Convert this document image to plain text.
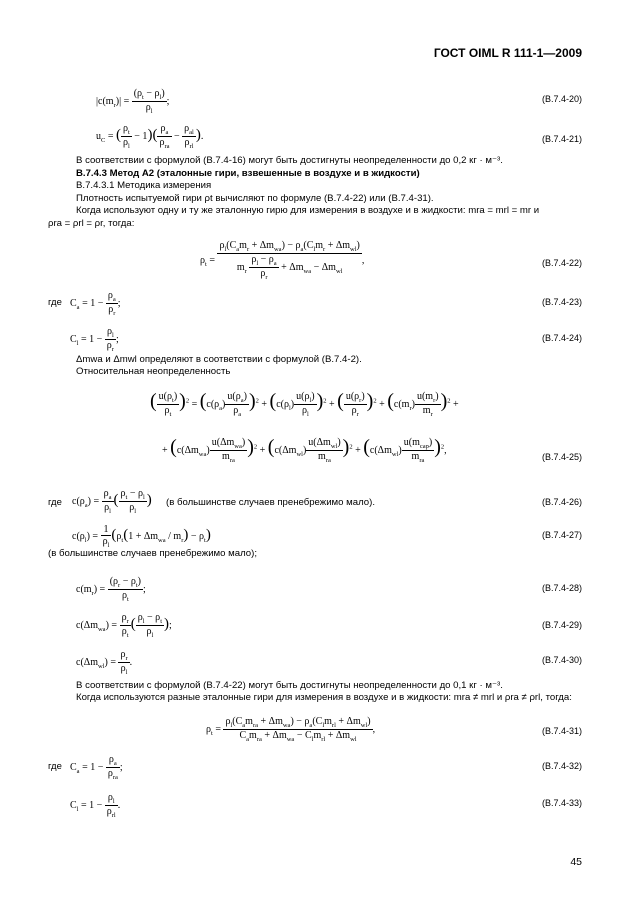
ГОСТ OIML R 111-1—2009
$|c(m_r)| = \frac{(\rho_t - \rho_l)}{\rho_l}$ ;	(B.7.4-20)
$u_C$ = ( $\frac{\rho_t}{\rho_l} - 1)( \frac{\rho_a}{\rho_{ra}} - \frac{\rho_{al}}{\rho_{rl}}$ ).	(B.7.4-21)
В соответствии с формулой (B.7.4-16) могут быть достигнуты неопределенности до 0,2 кг · м⁻³.
B.7.4.3 Метод А2 (эталонные гири, взвешенные в воздухе и в жидкости)
B.7.4.3.1 Методика измерения
Плотность испытуемой гири ρt вычисляют по формуле (B.7.4-22) или (B.7.4-31).
Когда используют одну и ту же эталонную гирю для измерения в воздухе и в жидкости: mra = mrl = mr и
ρra = ρrl = ρr, тогда:
$\rho_t = \frac{\rho_l(C_am_r + \Delta m_{wa}) - \rho_a(C_lm_r + \Delta m_{wl})}{m_r \frac{\rho_l - \rho_a}{\rho_r} + \Delta m_{wa} - \Delta m_{wl}}$ ,	(B.7.4-22)
где $C_a = 1 - \frac{\rho_a}{\rho_r}$ ;	(B.7.4-23)
$C_l = 1 - \frac{\rho_l}{\rho_r}$ ;	(B.7.4-24)
Δmwa и Δmwl определяют в соответствии с формулой (B.7.4-2).
Относительная неопределенность
( $\frac{u(\rho_t)}{\rho_t} )^2 = (c(\rho_a) \frac{u(\rho_a)}{\rho_a} )^2 + (c(\rho_l) \frac{u(\rho_l)}{\rho_l} )^2$ + ( $\frac{u(\rho_r)}{\rho_r} )^2 + (c(m_r) \frac{u(m_r)}{m_r} )^2$ +
+ $(c(\Delta m_{wa}) \frac{u(\Delta m_{wa})}{m_{ra}} )^2 + (c(\Delta m_{wl}) \frac{u(\Delta m_{wl})}{m_{ra}} )^2 + (c(\Delta m_{wl}) \frac{u(m_{cap})}{m_{ra}} )^2$,
(B.7.4-25)
где $c(\rho_a) = \frac{\rho_a}{\rho_l}$ ( $\frac{\rho_t - \rho_l}{\rho_l}$ ) (в большинстве случаев пренебрежимо мало).	(B.7.4-26)
$c(\rho_l) = \frac{1}{\rho_l} (\rho_t(1 + \Delta m_{wa} / m_r) - \rho_t)$	(B.7.4-27)
(в большинстве случаев пренебрежимо мало);
$c(m_r) = \frac{(\rho_r - \rho_t)}{\rho_t}$ ;	(B.7.4-28)
$c(\Delta m_{wa}) = \frac{\rho_r}{\rho_t}$ ( $\frac{\rho_l - \rho_t}{\rho_l}$ );	(B.7.4-29)
$c(\Delta m_{wl}) = \frac{\rho_r}{\rho_l}$ .	(B.7.4-30)
В соответствии с формулой (B.7.4-22) могут быть достигнуты неопределенности до 0,1 кг · м⁻³.
Когда используются разные эталонные гири для измерения в воздухе и в жидкости: mra ≠ mrl и ρra ≠ ρrl, тогда:
$\rho_t = \frac{\rho_l(C_am_{ra} + \Delta m_{wa}) - \rho_a(C_lm_{rl} + \Delta m_{wl})}{C_am_{ra} + \Delta m_{wa} - C_lm_{rl} + \Delta m_{wl}}$ ,	(B.7.4-31)
где $C_a = 1 - \frac{\rho_a}{\rho_{ra}}$ ;	(B.7.4-32)
$C_l = 1 - \frac{\rho_l}{\rho_{rl}}$ .	(B.7.4-33)
45
